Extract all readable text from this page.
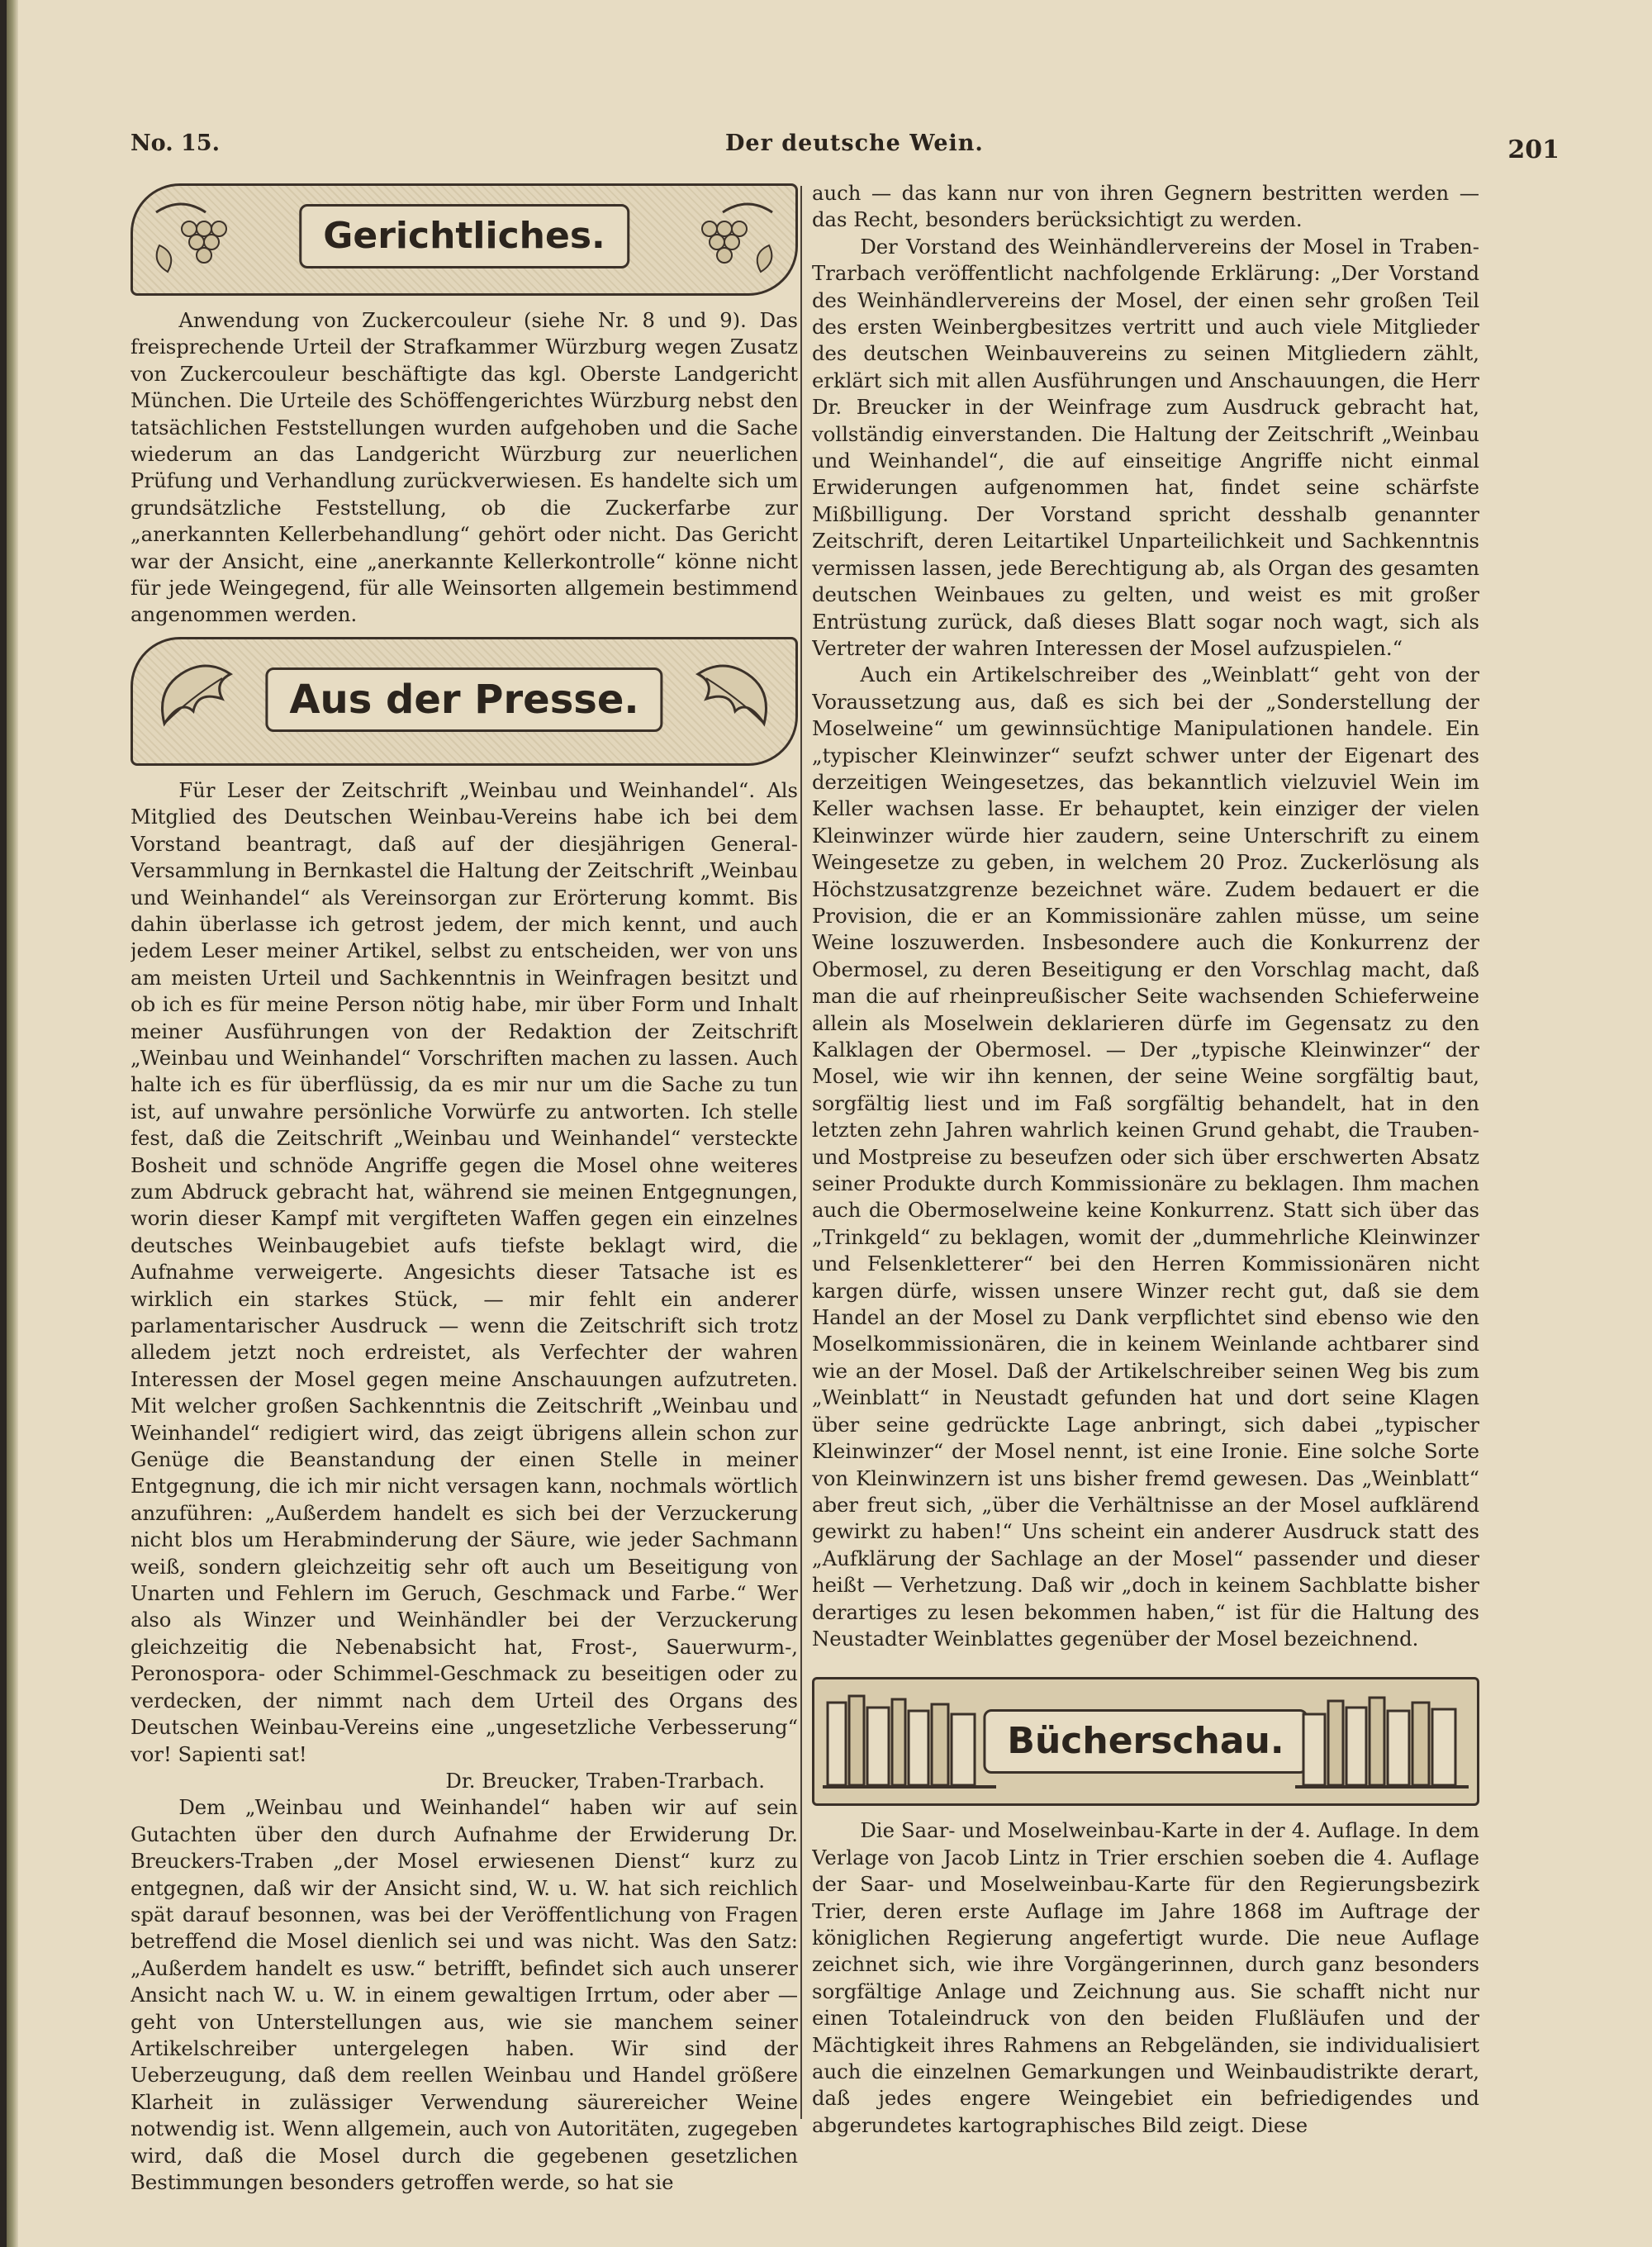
No. 15.	Der deutsche Wein.	201
Gerichtliches.

Anwendung von Zuckercouleur (siehe Nr. 8 und 9). Das freisprechende Urteil der Strafkammer Würzburg wegen Zusatz von Zuckercouleur beschäftigte das kgl. Oberste Landgericht München. Die Urteile des Schöffengerichtes Würzburg nebst den tatsächlichen Feststellungen wurden aufgehoben und die Sache wiederum an das Landgericht Würzburg zur neuerlichen Prüfung und Verhandlung zurückverwiesen. Es handelte sich um grundsätzliche Feststellung, ob die Zuckerfarbe zur „anerkannten Kellerbehandlung“ gehört oder nicht. Das Gericht war der Ansicht, eine „anerkannte Kellerkontrolle“ könne nicht für jede Weingegend, für alle Weinsorten allgemein bestimmend angenommen werden.

Aus der Presse.

Für Leser der Zeitschrift „Weinbau und Weinhandel“. Als Mitglied des Deutschen Weinbau-Vereins habe ich bei dem Vorstand beantragt, daß auf der diesjährigen General-Versammlung in Bernkastel die Haltung der Zeitschrift „Weinbau und Weinhandel“ als Vereinsorgan zur Erörterung kommt. Bis dahin überlasse ich getrost jedem, der mich kennt, und auch jedem Leser meiner Artikel, selbst zu entscheiden, wer von uns am meisten Urteil und Sachkenntnis in Weinfragen besitzt und ob ich es für meine Person nötig habe, mir über Form und Inhalt meiner Ausführungen von der Redaktion der Zeitschrift „Weinbau und Weinhandel“ Vorschriften machen zu lassen. Auch halte ich es für überflüssig, da es mir nur um die Sache zu tun ist, auf unwahre persönliche Vorwürfe zu antworten. Ich stelle fest, daß die Zeitschrift „Weinbau und Weinhandel“ versteckte Bosheit und schnöde Angriffe gegen die Mosel ohne weiteres zum Abdruck gebracht hat, während sie meinen Entgegnungen, worin dieser Kampf mit vergifteten Waffen gegen ein einzelnes deutsches Weinbaugebiet aufs tiefste beklagt wird, die Aufnahme verweigerte. Angesichts dieser Tatsache ist es wirklich ein starkes Stück, — mir fehlt ein anderer parlamentarischer Ausdruck — wenn die Zeitschrift sich trotz alledem jetzt noch erdreistet, als Verfechter der wahren Interessen der Mosel gegen meine Anschauungen aufzutreten. Mit welcher großen Sachkenntnis die Zeitschrift „Weinbau und Weinhandel“ redigiert wird, das zeigt übrigens allein schon zur Genüge die Beanstandung der einen Stelle in meiner Entgegnung, die ich mir nicht versagen kann, nochmals wörtlich anzuführen: „Außerdem handelt es sich bei der Verzuckerung nicht blos um Herabminderung der Säure, wie jeder Sachmann weiß, sondern gleichzeitig sehr oft auch um Beseitigung von Unarten und Fehlern im Geruch, Geschmack und Farbe.“ Wer also als Winzer und Weinhändler bei der Verzuckerung gleichzeitig die Nebenabsicht hat, Frost-, Sauerwurm-, Peronospora- oder Schimmel-Geschmack zu beseitigen oder zu verdecken, der nimmt nach dem Urteil des Organs des Deutschen Weinbau-Vereins eine „ungesetzliche Verbesserung“ vor! Sapienti sat!

Dr. Breucker, Traben-Trarbach.

Dem „Weinbau und Weinhandel“ haben wir auf sein Gutachten über den durch Aufnahme der Erwiderung Dr. Breuckers-Traben „der Mosel erwiesenen Dienst“ kurz zu entgegnen, daß wir der Ansicht sind, W. u. W. hat sich reichlich spät darauf besonnen, was bei der Veröffentlichung von Fragen betreffend die Mosel dienlich sei und was nicht. Was den Satz: „Außerdem handelt es usw.“ betrifft, befindet sich auch unserer Ansicht nach W. u. W. in einem gewaltigen Irrtum, oder aber — geht von Unterstellungen aus, wie sie manchem seiner Artikelschreiber untergelegen haben. Wir sind der Ueberzeugung, daß dem reellen Weinbau und Handel größere Klarheit in zulässiger Verwendung säurereicher Weine notwendig ist. Wenn allgemein, auch von Autoritäten, zugegeben wird, daß die Mosel durch die gegebenen gesetzlichen Bestimmungen besonders getroffen werde, so hat sie

auch — das kann nur von ihren Gegnern bestritten werden — das Recht, besonders berücksichtigt zu werden.

Der Vorstand des Weinhändlervereins der Mosel in Traben-Trarbach veröffentlicht nachfolgende Erklärung: „Der Vorstand des Weinhändlervereins der Mosel, der einen sehr großen Teil des ersten Weinbergbesitzes vertritt und auch viele Mitglieder des deutschen Weinbauvereins zu seinen Mitgliedern zählt, erklärt sich mit allen Ausführungen und Anschauungen, die Herr Dr. Breucker in der Weinfrage zum Ausdruck gebracht hat, vollständig einverstanden. Die Haltung der Zeitschrift „Weinbau und Weinhandel“, die auf einseitige Angriffe nicht einmal Erwiderungen aufgenommen hat, findet seine schärfste Mißbilligung. Der Vorstand spricht desshalb genannter Zeitschrift, deren Leitartikel Unparteilichkeit und Sachkenntnis vermissen lassen, jede Berechtigung ab, als Organ des gesamten deutschen Weinbaues zu gelten, und weist es mit großer Entrüstung zurück, daß dieses Blatt sogar noch wagt, sich als Vertreter der wahren Interessen der Mosel aufzuspielen.“

Auch ein Artikelschreiber des „Weinblatt“ geht von der Voraussetzung aus, daß es sich bei der „Sonderstellung der Moselweine“ um gewinnsüchtige Manipulationen handele. Ein „typischer Kleinwinzer“ seufzt schwer unter der Eigenart des derzeitigen Weingesetzes, das bekanntlich vielzuviel Wein im Keller wachsen lasse. Er behauptet, kein einziger der vielen Kleinwinzer würde hier zaudern, seine Unterschrift zu einem Weingesetze zu geben, in welchem 20 Proz. Zuckerlösung als Höchstzusatzgrenze bezeichnet wäre. Zudem bedauert er die Provision, die er an Kommissionäre zahlen müsse, um seine Weine loszuwerden. Insbesondere auch die Konkurrenz der Obermosel, zu deren Beseitigung er den Vorschlag macht, daß man die auf rheinpreußischer Seite wachsenden Schieferweine allein als Moselwein deklarieren dürfe im Gegensatz zu den Kalklagen der Obermosel. — Der „typische Kleinwinzer“ der Mosel, wie wir ihn kennen, der seine Weine sorgfältig baut, sorgfältig liest und im Faß sorgfältig behandelt, hat in den letzten zehn Jahren wahrlich keinen Grund gehabt, die Trauben- und Mostpreise zu beseufzen oder sich über erschwerten Absatz seiner Produkte durch Kommissionäre zu beklagen. Ihm machen auch die Obermoselweine keine Konkurrenz. Statt sich über das „Trinkgeld“ zu beklagen, womit der „dummehrliche Kleinwinzer und Felsenkletterer“ bei den Herren Kommissionären nicht kargen dürfe, wissen unsere Winzer recht gut, daß sie dem Handel an der Mosel zu Dank verpflichtet sind ebenso wie den Moselkommissionären, die in keinem Weinlande achtbarer sind wie an der Mosel. Daß der Artikelschreiber seinen Weg bis zum „Weinblatt“ in Neustadt gefunden hat und dort seine Klagen über seine gedrückte Lage anbringt, sich dabei „typischer Kleinwinzer“ der Mosel nennt, ist eine Ironie. Eine solche Sorte von Kleinwinzern ist uns bisher fremd gewesen. Das „Weinblatt“ aber freut sich, „über die Verhältnisse an der Mosel aufklärend gewirkt zu haben!“ Uns scheint ein anderer Ausdruck statt des „Aufklärung der Sachlage an der Mosel“ passender und dieser heißt — Verhetzung. Daß wir „doch in keinem Sachblatte bisher derartiges zu lesen bekommen haben,“ ist für die Haltung des Neustadter Weinblattes gegenüber der Mosel bezeichnend.

Bücherschau.

Die Saar- und Moselweinbau-Karte in der 4. Auflage. In dem Verlage von Jacob Lintz in Trier erschien soeben die 4. Auflage der Saar- und Moselweinbau-Karte für den Regierungsbezirk Trier, deren erste Auflage im Jahre 1868 im Auftrage der königlichen Regierung angefertigt wurde. Die neue Auflage zeichnet sich, wie ihre Vorgängerinnen, durch ganz besonders sorgfältige Anlage und Zeichnung aus. Sie schafft nicht nur einen Totaleindruck von den beiden Flußläufen und der Mächtigkeit ihres Rahmens an Rebgeländen, sie individualisiert auch die einzelnen Gemarkungen und Weinbaudistrikte derart, daß jedes engere Weingebiet ein befriedigendes und abgerundetes kartographisches Bild zeigt. Diese
